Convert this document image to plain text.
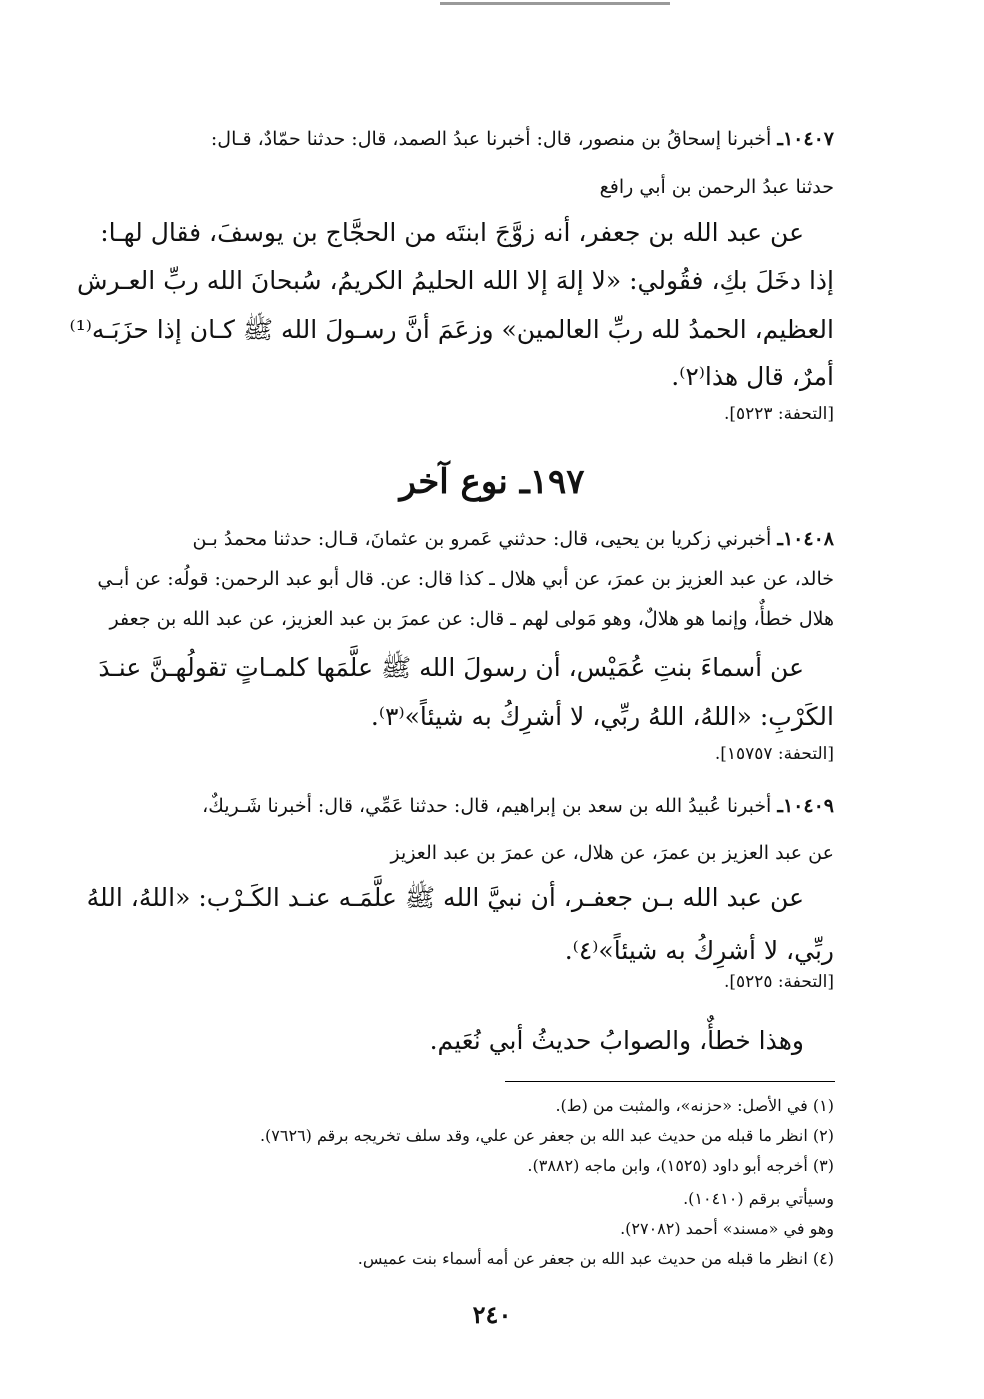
١٠٤٠٧ـ أخبرنا إسحاقُ بن منصور، قال: أخبرنا عبدُ الصمد، قال: حدثنا حمّادٌ، قـال:
حدثنا عبدُ الرحمن بن أبي رافع
عن عبد الله بن جعفر، أنه زوَّجَ ابنتَه من الحجَّاج بن يوسفَ، فقال لهـا:
إذا دخَلَ بكِ، فقُولي: «لا إلهَ إلا الله الحليمُ الكريمُ، سُبحانَ الله ربِّ العـرش
العظيم، الحمدُ لله ربِّ العالمين» وزعَمَ أنَّ رسـولَ الله ﷺ كـان إذا حزَبَـه⁽¹⁾
أمرٌ، قال هذا⁽٢⁾.
[التحفة: ٥٢٢٣].
١٩٧ـ نوع آخر
١٠٤٠٨ـ أخبرني زكريا بن يحيى، قال: حدثني عَمرو بن عثمانَ، قـال: حدثنا محمدُ بـن
خالد، عن عبد العزيز بن عمرَ، عن أبي هلال ـ كذا قال: عن. قال أبو عبد الرحمن: قولُه: عن أبـي
هلال خطأٌ، وإنما هو هلالٌ، وهو مَولى لهم ـ قال: عن عمرَ بن عبد العزيز، عن عبد الله بن جعفر
عن أسماءَ بنتِ عُمَيْس، أن رسولَ الله ﷺ علَّمَها كلمـاتٍ تقولُهـنَّ عنـدَ
الكَرْبِ: «اللهُ، اللهُ ربِّي، لا أشرِكُ به شيئاً»⁽٣⁾.
[التحفة: ١٥٧٥٧].
١٠٤٠٩ـ أخبرنا عُبيدُ الله بن سعد بن إبراهيم، قال: حدثنا عَمِّي، قال: أخبرنا شَـريكٌ،
عن عبد العزيز بن عمرَ، عن هلال، عن عمرَ بن عبد العزيز
عن عبد الله بـن جعفـر، أن نبيَّ الله ﷺ علَّمَـه عنـد الكَـرْب: «اللهُ، اللهُ
ربِّي، لا أشرِكُ به شيئاً»⁽٤⁾.
[التحفة: ٥٢٢٥].
وهذا خطأٌ، والصوابُ حديثُ أبي نُعَيم.
(١) في الأصل: «حزنه»، والمثبت من (ط).
(٢) انظر ما قبله من حديث عبد الله بن جعفر عن علي، وقد سلف تخريجه برقم (٧٦٢٦).
(٣) أخرجه أبو داود (١٥٢٥)، وابن ماجه (٣٨٨٢).
وسيأتي برقم (١٠٤١٠).
وهو في «مسند» أحمد (٢٧٠٨٢).
(٤) انظر ما قبله من حديث عبد الله بن جعفر عن أمه أسماء بنت عميس.
٢٤٠
